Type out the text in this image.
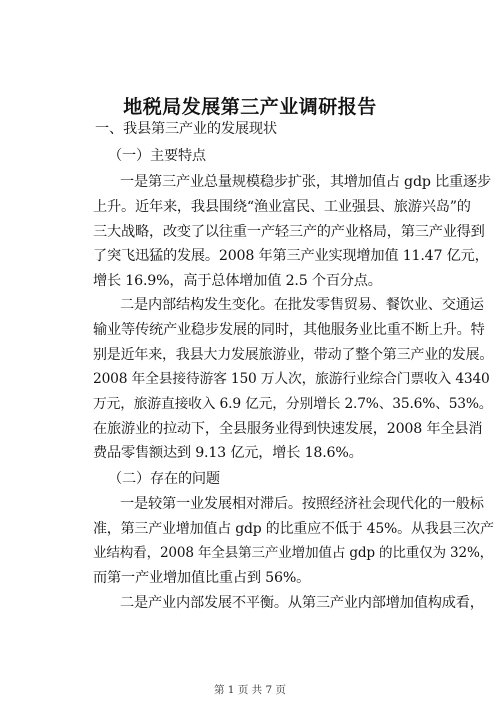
地税局发展第三产业调研报告
一、我县第三产业的发展现状
（一）主要特点
一是第三产业总量规模稳步扩张，其增加值占 gdp 比重逐步
上升。近年来，我县围绕“渔业富民、工业强县、旅游兴岛”的
三大战略，改变了以往重一产轻三产的产业格局，第三产业得到
了突飞迅猛的发展。2008 年第三产业实现增加值 11.47 亿元，
增长 16.9%，高于总体增加值 2.5 个百分点。
二是内部结构发生变化。在批发零售贸易、餐饮业、交通运
输业等传统产业稳步发展的同时，其他服务业比重不断上升。特
别是近年来，我县大力发展旅游业，带动了整个第三产业的发展。
2008 年全县接待游客 150 万人次，旅游行业综合门票收入 4340
万元，旅游直接收入 6.9 亿元，分别增长 2.7%、35.6%、53%。
在旅游业的拉动下，全县服务业得到快速发展，2008 年全县消
费品零售额达到 9.13 亿元，增长 18.6%。
（二）存在的问题
一是较第一业发展相对滞后。按照经济社会现代化的一般标
准，第三产业增加值占 gdp 的比重应不低于 45%。从我县三次产
业结构看，2008 年全县第三产业增加值占 gdp 的比重仅为 32%，
而第一产业增加值比重占到 56%。
二是产业内部发展不平衡。从第三产业内部增加值构成看，
第 1 页 共 7 页
